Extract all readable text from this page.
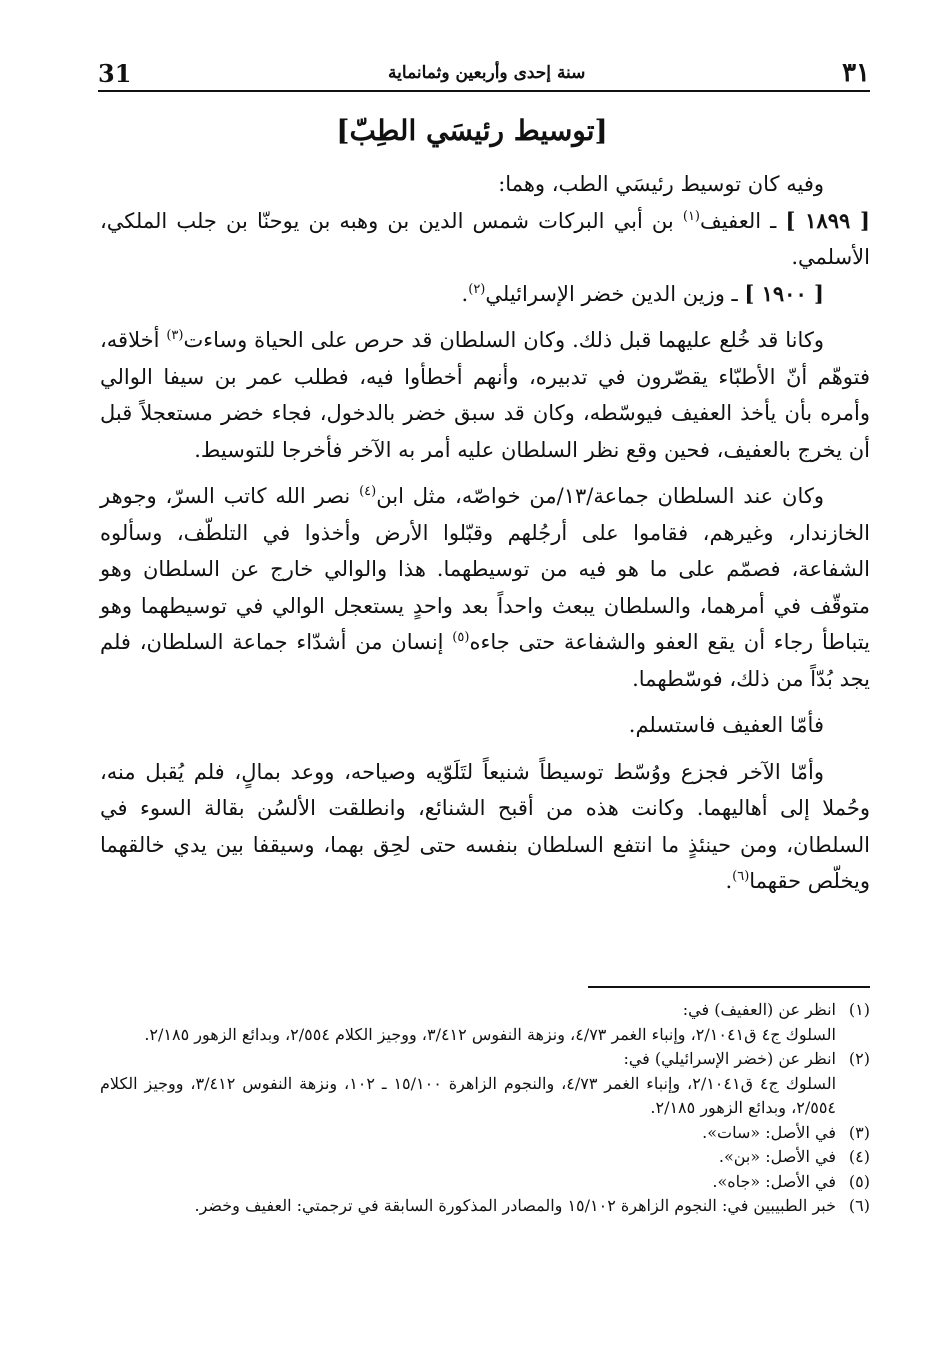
٣١
سنة إحدى وأربعين وثمانماية
31
[توسيط رئيسَي الطِبّ]

وفيه كان توسيط رئيسَي الطب، وهما:

[ ١٨٩٩ ] ـ العفيف$^{(١)}$ بن أبي البركات شمس الدين بن وهبه بن يوحنّا بن جلب الملكي، الأسلمي.

[ ١٩٠٠ ] ـ وزين الدين خضر الإسرائيلي$^{(٢)}$.

وكانا قد خُلع عليهما قبل ذلك. وكان السلطان قد حرص على الحياة وساءت$^{(٣)}$ أخلاقه، فتوهّم أنّ الأطبّاء يقصّرون في تدبيره، وأنهم أخطأوا فيه، فطلب عمر بن سيفا الوالي وأمره بأن يأخذ العفيف فيوسّطه، وكان قد سبق خضر بالدخول، فجاء خضر مستعجلاً قبل أن يخرج بالعفيف، فحين وقع نظر السلطان عليه أمر به الآخر فأخرجا للتوسيط.

وكان عند السلطان جماعة/١٣/من خواصّه، مثل ابن$^{(٤)}$ نصر الله كاتب السرّ، وجوهر الخازندار، وغيرهم، فقاموا على أرجُلهم وقبّلوا الأرض وأخذوا في التلطّف، وسألوه الشفاعة، فصمّم على ما هو فيه من توسيطهما. هذا والوالي خارج عن السلطان وهو متوقّف في أمرهما، والسلطان يبعث واحداً بعد واحدٍ يستعجل الوالي في توسيطهما وهو يتباطأ رجاء أن يقع العفو والشفاعة حتى جاءه$^{(٥)}$ إنسان من أشدّاء جماعة السلطان، فلم يجد بُدّاً من ذلك، فوسّطهما.

فأمّا العفيف فاستسلم.

وأمّا الآخر فجزع ووُسّط توسيطاً شنيعاً لتَلَوّيه وصياحه، ووعد بمالٍ، فلم يُقبل منه، وحُملا إلى أهاليهما. وكانت هذه من أقبح الشنائع، وانطلقت الألسُن بقالة السوء في السلطان، ومن حينئذٍ ما انتفع السلطان بنفسه حتى لحِق بهما، وسيقفا بين يدي خالقهما ويخلّص حقهما$^{(٦)}$.

(١)
انظر عن (العفيف) في:
السلوك ج٤ ق٢/١٠٤١، وإنباء الغمر ٤/٧٣، ونزهة النفوس ٣/٤١٢، ووجيز الكلام ٢/٥٥٤، وبدائع الزهور ٢/١٨٥.
(٢)
انظر عن (خضر الإسرائيلي) في:
السلوك ج٤ ق٢/١٠٤١، وإنباء الغمر ٤/٧٣، والنجوم الزاهرة ١٥/١٠٠ ـ ١٠٢، ونزهة النفوس ٣/٤١٢، ووجيز الكلام ٢/٥٥٤، وبدائع الزهور ٢/١٨٥.
(٣)
في الأصل: «سات».
(٤)
في الأصل: «بن».
(٥)
في الأصل: «جاه».
(٦)
خبر الطبيبين في: النجوم الزاهرة ١٥/١٠٢ والمصادر المذكورة السابقة في ترجمتي: العفيف وخضر.
